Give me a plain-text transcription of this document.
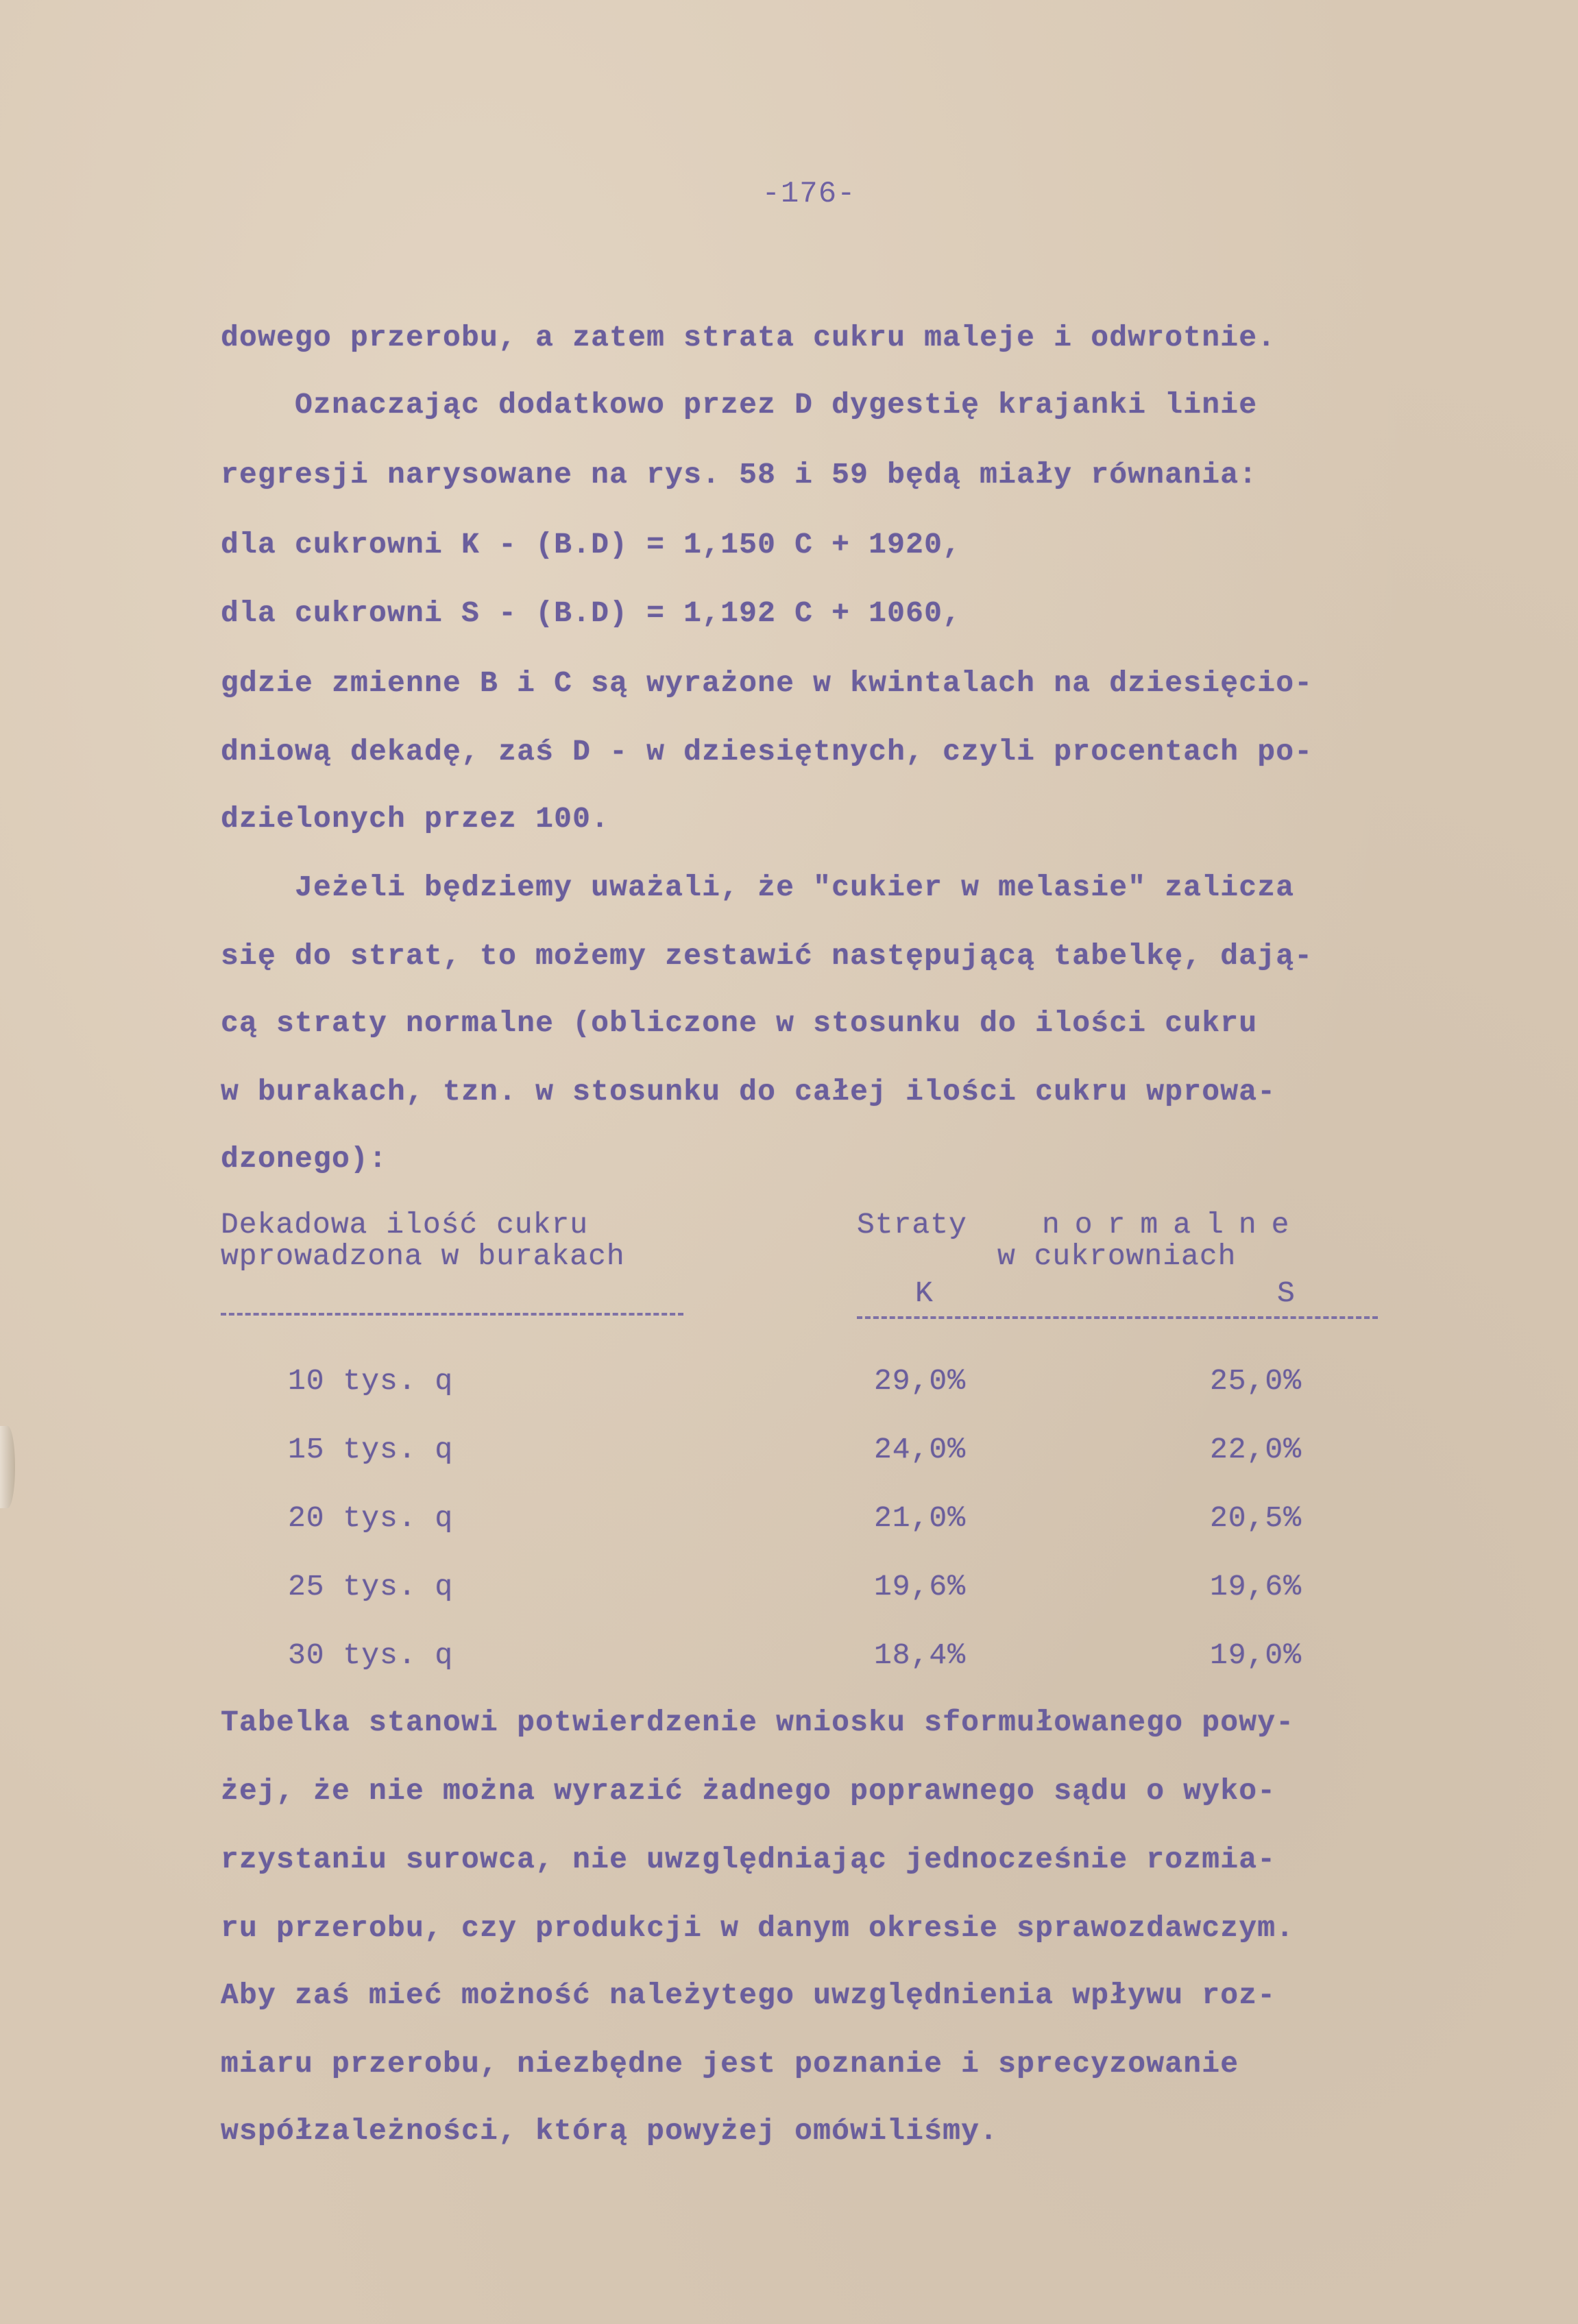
-176-
dowego przerobu, a zatem strata cukru maleje i odwrotnie.
Oznaczając dodatkowo przez D dygestię krajanki linie
regresji narysowane na rys. 58 i 59 będą miały równania:
dla cukrowni K - (B.D) = 1,150 C + 1920,
dla cukrowni S - (B.D) = 1,192 C + 1060,
gdzie zmienne B i C są wyrażone w kwintalach na dziesięcio-
dniową dekadę, zaś D - w dziesiętnych, czyli procentach po-
dzielonych przez 100.
Jeżeli będziemy uważali, że "cukier w melasie" zalicza
się do strat, to możemy zestawić następującą tabelkę, dają-
cą straty normalne (obliczone w stosunku do ilości cukru
w burakach, tzn. w stosunku do całej ilości cukru wprowa-
dzonego):
Dekadowa ilość cukru
wprowadzona w burakach
Straty	normalne
w cukrowniach
K	S
10 tys. q	29,0%	25,0%
15 tys. q	24,0%	22,0%
20 tys. q	21,0%	20,5%
25 tys. q	19,6%	19,6%
30 tys. q	18,4%	19,0%
Tabelka stanowi potwierdzenie wniosku sformułowanego powy-
żej, że nie można wyrazić żadnego poprawnego sądu o wyko-
rzystaniu surowca, nie uwzględniając jednocześnie rozmia-
ru przerobu, czy produkcji w danym okresie sprawozdawczym.
Aby zaś mieć możność należytego uwzględnienia wpływu roz-
miaru przerobu, niezbędne jest poznanie i sprecyzowanie
współzależności, którą powyżej omówiliśmy.
